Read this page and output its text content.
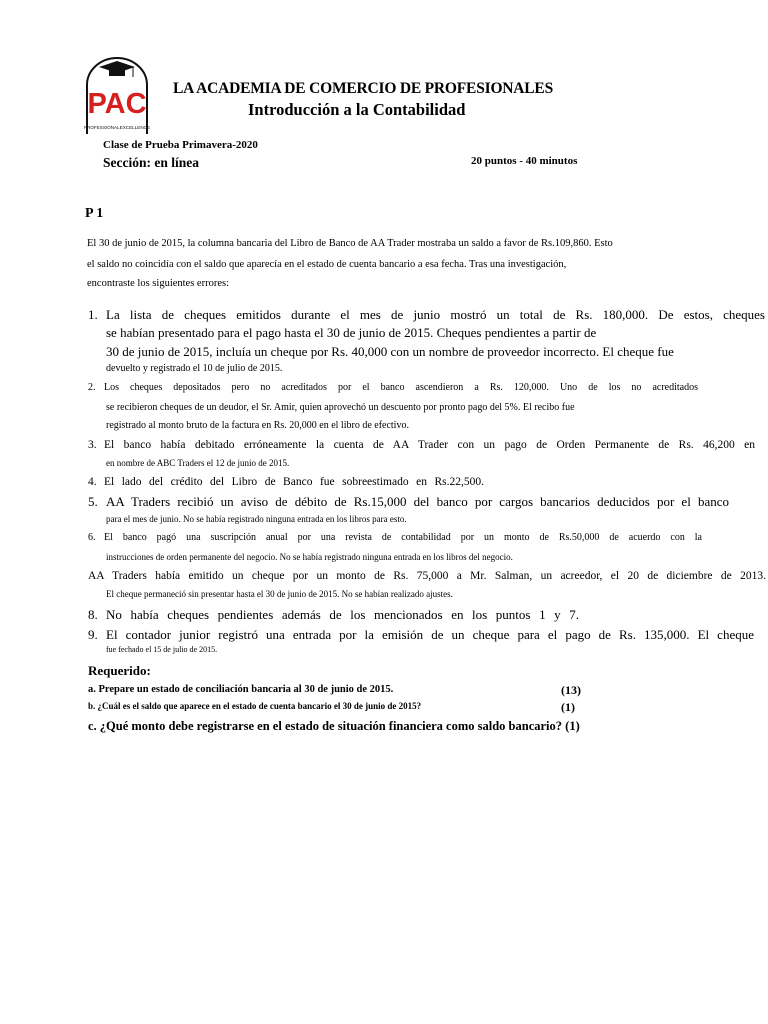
PAC
PROFESSIONALEXCELLENCE
LA ACADEMIA DE COMERCIO DE PROFESIONALES
Introducción a la Contabilidad
Clase de Prueba Primavera-2020
Sección: en línea	20 puntos - 40 minutos
P 1
El 30 de junio de 2015, la columna bancaria del Libro de Banco de AA Trader mostraba un saldo a favor de Rs.109,860. Esto
el saldo no coincidía con el saldo que aparecía en el estado de cuenta bancario a esa fecha. Tras una investigación,
encontraste los siguientes errores:
1. La lista de cheques emitidos durante el mes de junio mostró un total de Rs. 180,000. De estos, cheques
se habían presentado para el pago hasta el 30 de junio de 2015. Cheques pendientes a partir de
30 de junio de 2015, incluía un cheque por Rs. 40,000 con un nombre de proveedor incorrecto. El cheque fue
devuelto y registrado el 10 de julio de 2015.
2. Los cheques depositados pero no acreditados por el banco ascendieron a Rs. 120,000. Uno de los no acreditados
se recibieron cheques de un deudor, el Sr. Amir, quien aprovechó un descuento por pronto pago del 5%. El recibo fue
registrado al monto bruto de la factura en Rs. 20,000 en el libro de efectivo.
3. El banco había debitado erróneamente la cuenta de AA Trader con un pago de Orden Permanente de Rs. 46,200 en
en nombre de ABC Traders el 12 de junio de 2015.
4. El lado del crédito del Libro de Banco fue sobreestimado en Rs.22,500.
5. AA Traders recibió un aviso de débito de Rs.15,000 del banco por cargos bancarios deducidos por el banco
para el mes de junio. No se había registrado ninguna entrada en los libros para esto.
6. El banco pagó una suscripción anual por una revista de contabilidad por un monto de Rs.50,000 de acuerdo con la
instrucciones de orden permanente del negocio. No se había registrado ninguna entrada en los libros del negocio.
AA Traders había emitido un cheque por un monto de Rs. 75,000 a Mr. Salman, un acreedor, el 20 de diciembre de 2013.
El cheque permaneció sin presentar hasta el 30 de junio de 2015. No se habían realizado ajustes.
8. No había cheques pendientes además de los mencionados en los puntos 1 y 7.
9. El contador junior registró una entrada por la emisión de un cheque para el pago de Rs. 135,000. El cheque
fue fechado el 15 de julio de 2015.
Requerido:
a. Prepare un estado de conciliación bancaria al 30 de junio de 2015.	(13)
b. ¿Cuál es el saldo que aparece en el estado de cuenta bancario el 30 de junio de 2015?	(1)
c. ¿Qué monto debe registrarse en el estado de situación financiera como saldo bancario? (1)
